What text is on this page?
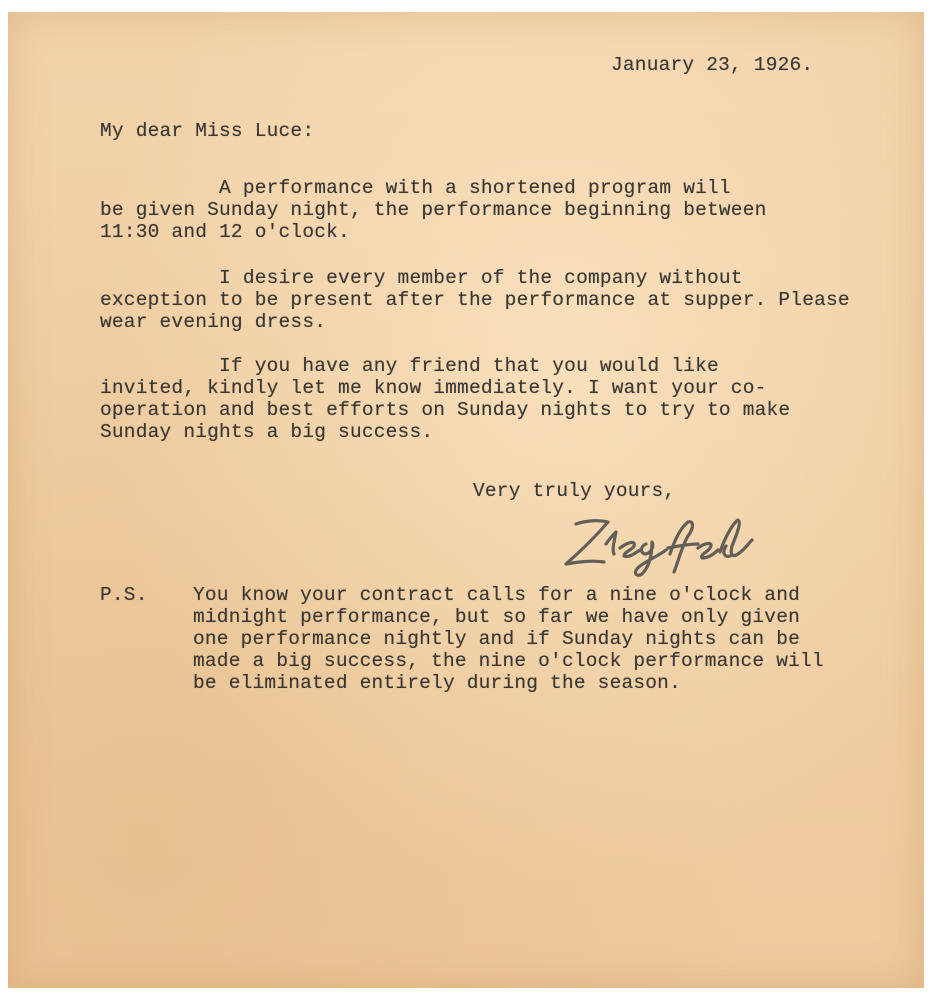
January 23, 1926.
My dear Miss Luce:
A performance with a shortened program will
be given Sunday night, the performance beginning between
11:30 and 12 o'clock.
I desire every member of the company without
exception to be present after the performance at supper. Please
wear evening dress.
If you have any friend that you would like
invited, kindly let me know immediately. I want your co-
operation and best efforts on Sunday nights to try to make
Sunday nights a big success.
Very truly yours,
P.S. You know your contract calls for a nine o'clock and
midnight performance, but so far we have only given
one performance nightly and if Sunday nights can be
made a big success, the nine o'clock performance will
be eliminated entirely during the season.
